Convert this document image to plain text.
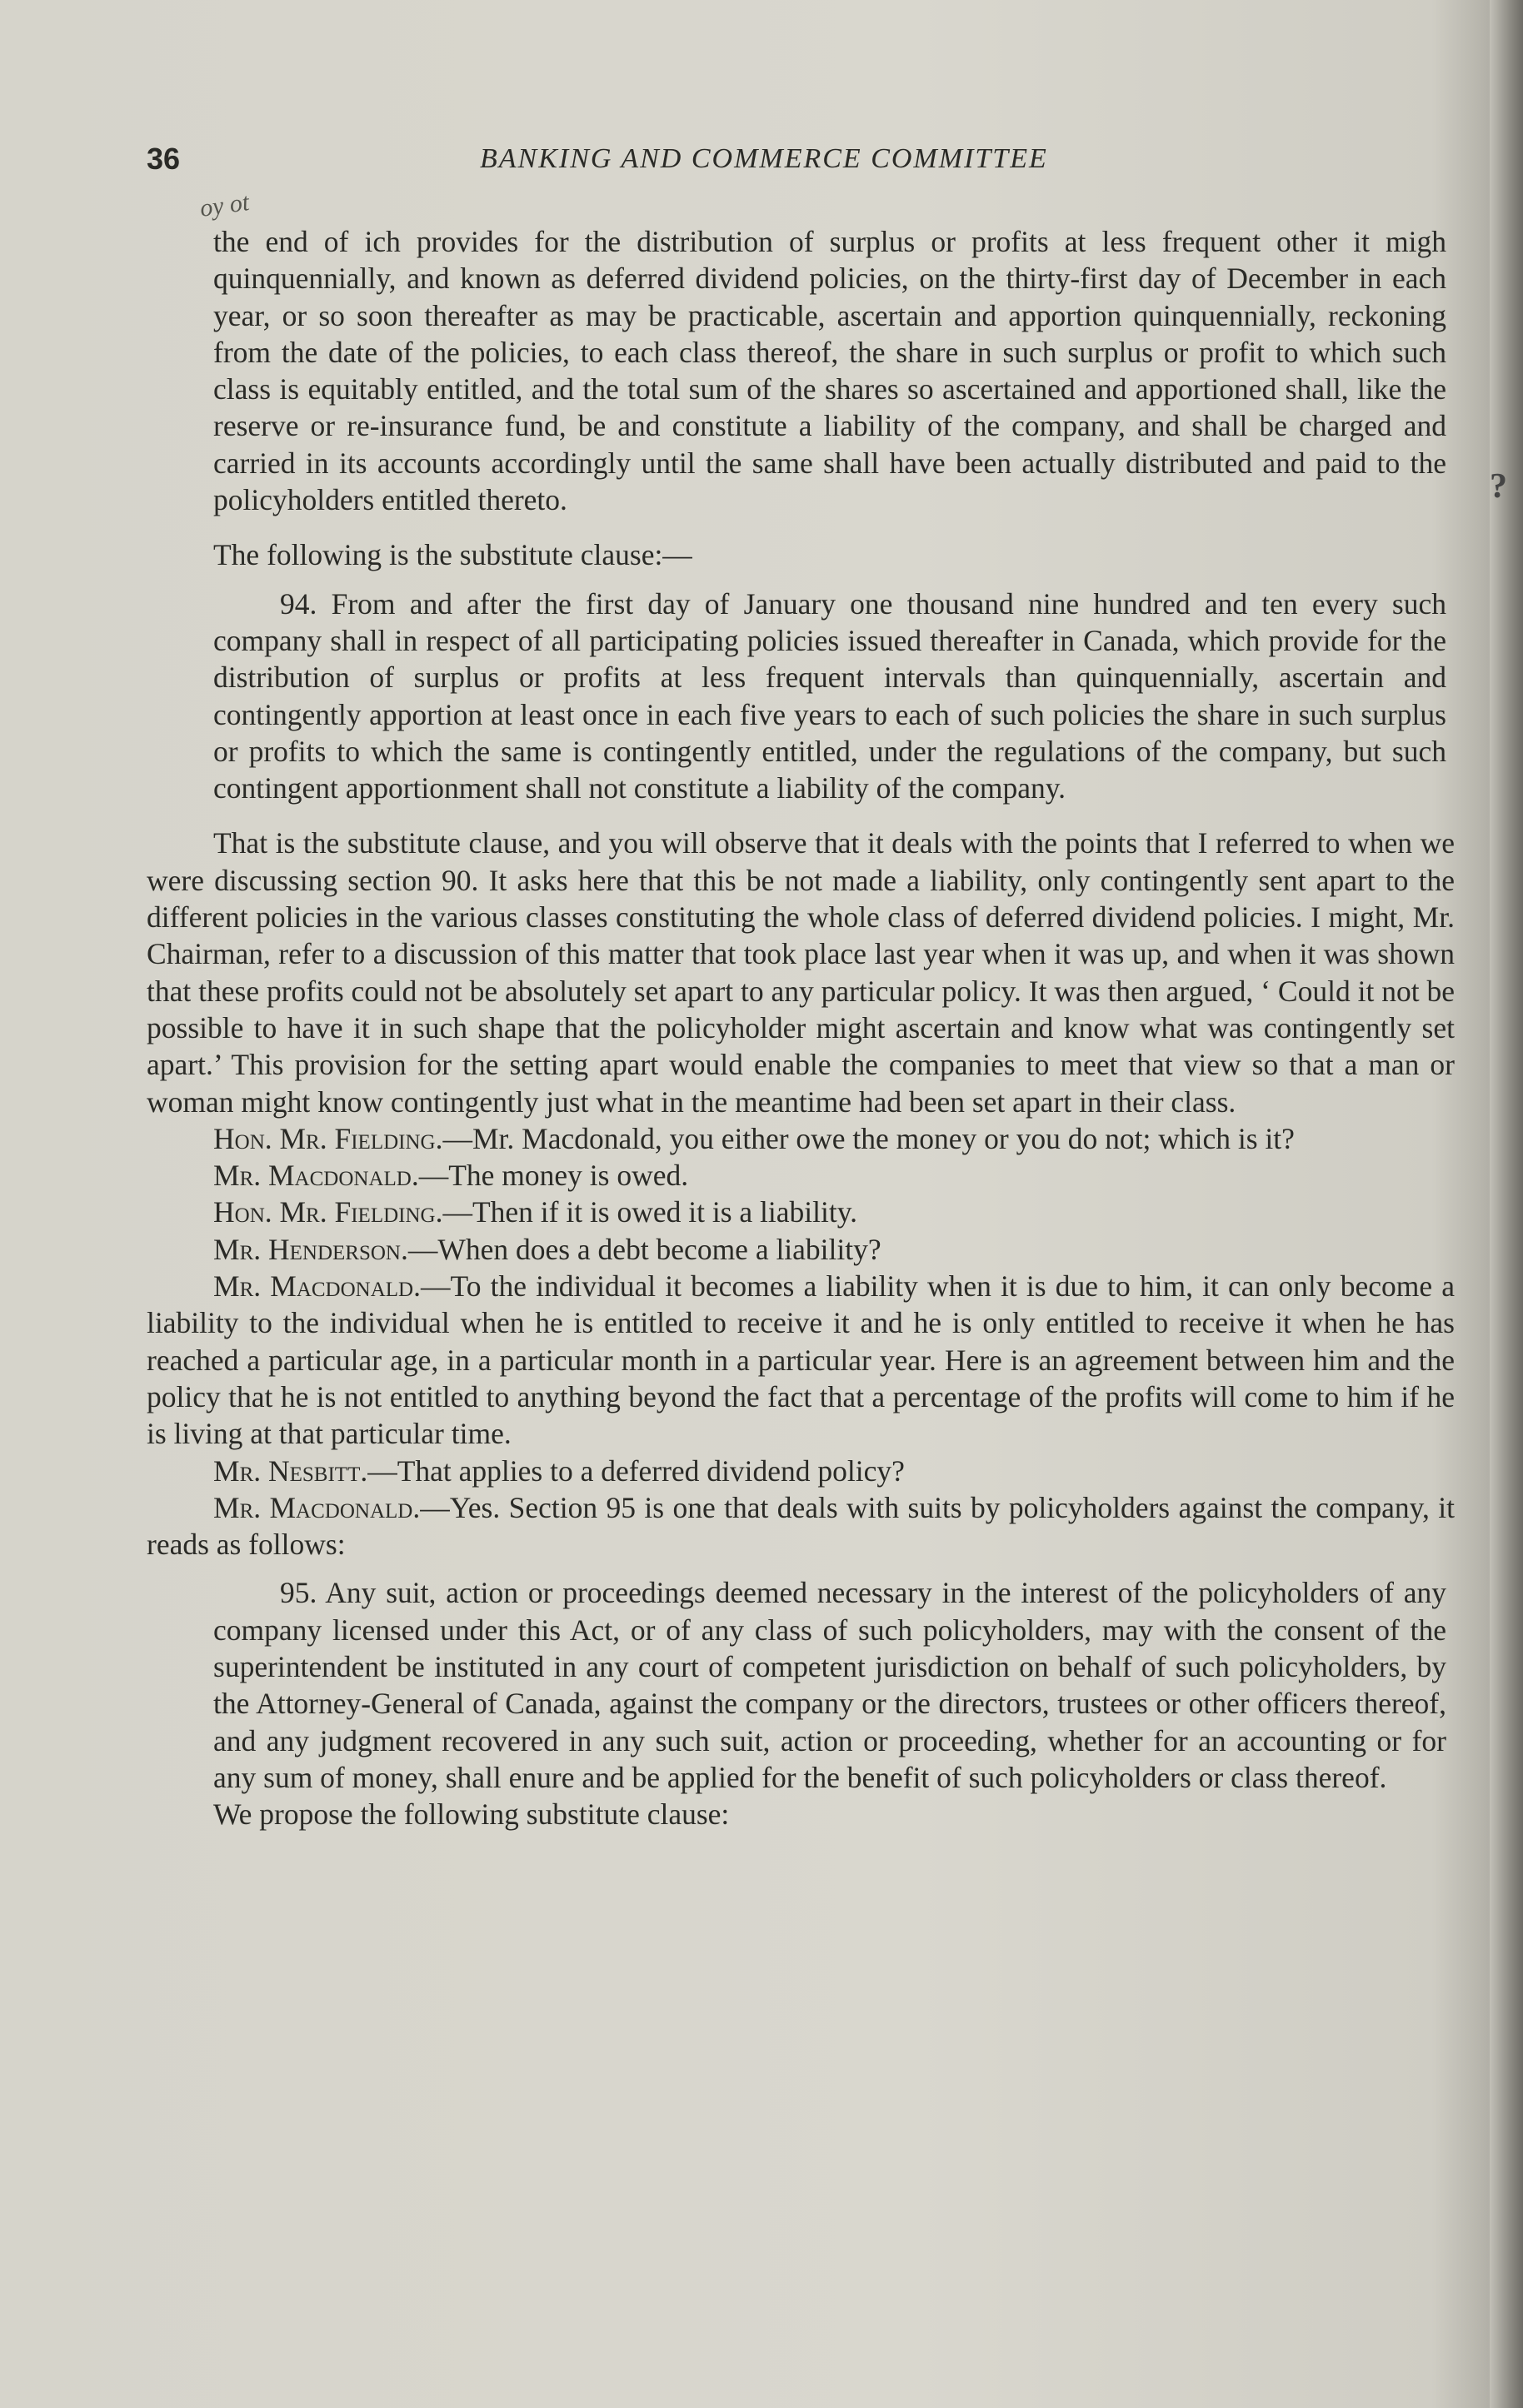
36	BANKING AND COMMERCE COMMITTEE
oy ot
?

the end of ich provides for the distribution of surplus or profits at less frequent other it migh quinquennially, and known as deferred dividend policies, on the thirty-first day of December in each year, or so soon thereafter as may be practicable, ascertain and apportion quinquennially, reckoning from the date of the policies, to each class thereof, the share in such surplus or profit to which such class is equitably entitled, and the total sum of the shares so ascertained and apportioned shall, like the reserve or re-insurance fund, be and constitute a liability of the company, and shall be charged and carried in its accounts accordingly until the same shall have been actually distributed and paid to the policyholders entitled thereto.

The following is the substitute clause:—

94. From and after the first day of January one thousand nine hundred and ten every such company shall in respect of all participating policies issued thereafter in Canada, which provide for the distribution of surplus or profits at less frequent intervals than quinquennially, ascertain and contingently apportion at least once in each five years to each of such policies the share in such surplus or profits to which the same is contingently entitled, under the regulations of the company, but such contingent apportionment shall not constitute a liability of the company.

That is the substitute clause, and you will observe that it deals with the points that I referred to when we were discussing section 90. It asks here that this be not made a liability, only contingently sent apart to the different policies in the various classes constituting the whole class of deferred dividend policies. I might, Mr. Chairman, refer to a discussion of this matter that took place last year when it was up, and when it was shown that these profits could not be absolutely set apart to any particular policy. It was then argued, ‘ Could it not be possible to have it in such shape that the policyholder might ascertain and know what was contingently set apart.’ This provision for the setting apart would enable the companies to meet that view so that a man or woman might know contingently just what in the meantime had been set apart in their class.

Hon. Mr. Fielding.—Mr. Macdonald, you either owe the money or you do not; which is it?

Mr. Macdonald.—The money is owed.

Hon. Mr. Fielding.—Then if it is owed it is a liability.

Mr. Henderson.—When does a debt become a liability?

Mr. Macdonald.—To the individual it becomes a liability when it is due to him, it can only become a liability to the individual when he is entitled to receive it and he is only entitled to receive it when he has reached a particular age, in a particular month in a particular year. Here is an agreement between him and the policy that he is not entitled to anything beyond the fact that a percentage of the profits will come to him if he is living at that particular time.

Mr. Nesbitt.—That applies to a deferred dividend policy?

Mr. Macdonald.—Yes. Section 95 is one that deals with suits by policyholders against the company, it reads as follows:

95. Any suit, action or proceedings deemed necessary in the interest of the policyholders of any company licensed under this Act, or of any class of such policyholders, may with the consent of the superintendent be instituted in any court of competent jurisdiction on behalf of such policyholders, by the Attorney-General of Canada, against the company or the directors, trustees or other officers thereof, and any judgment recovered in any such suit, action or proceeding, whether for an accounting or for any sum of money, shall enure and be applied for the benefit of such policyholders or class thereof.

We propose the following substitute clause:
